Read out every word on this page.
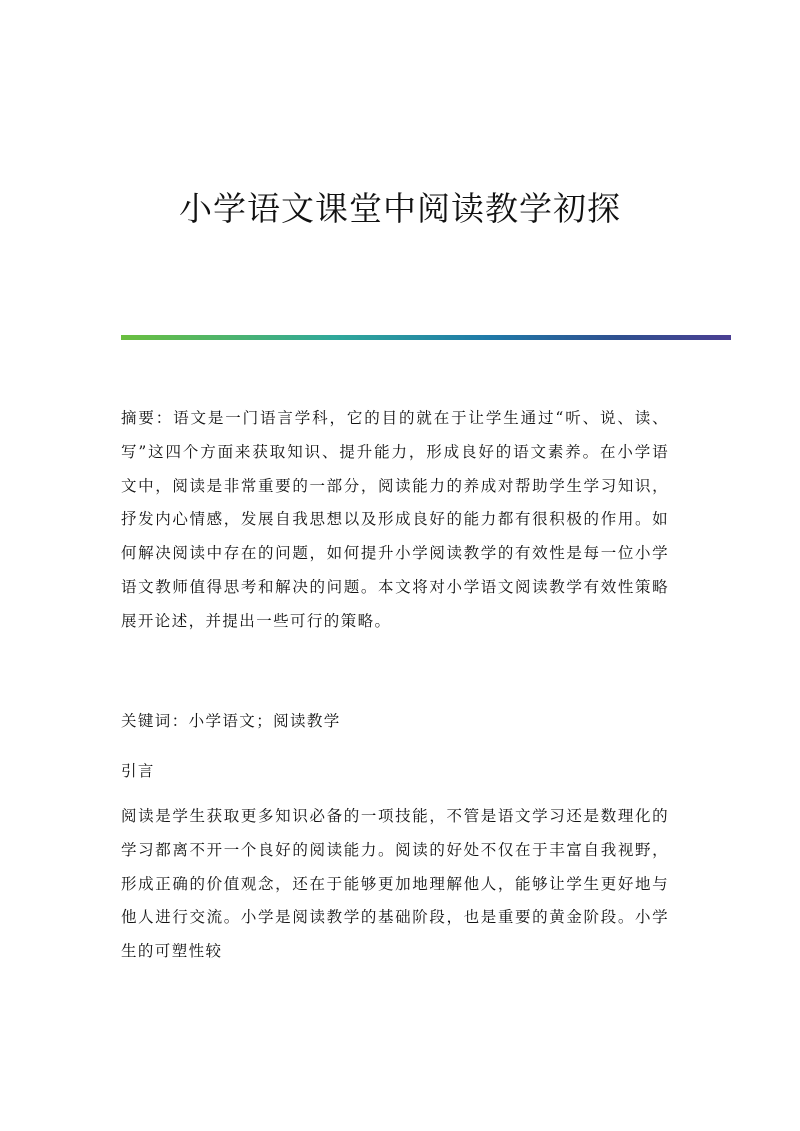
小学语文课堂中阅读教学初探

摘要：语文是一门语言学科，它的目的就在于让学生通过“听、说、读、写”这四个方面来获取知识、提升能力，形成良好的语文素养。在小学语文中，阅读是非常重要的一部分，阅读能力的养成对帮助学生学习知识，抒发内心情感，发展自我思想以及形成良好的能力都有很积极的作用。如何解决阅读中存在的问题，如何提升小学阅读教学的有效性是每一位小学语文教师值得思考和解决的问题。本文将对小学语文阅读教学有效性策略展开论述，并提出一些可行的策略。

关键词：小学语文；阅读教学

引言

阅读是学生获取更多知识必备的一项技能，不管是语文学习还是数理化的学习都离不开一个良好的阅读能力。阅读的好处不仅在于丰富自我视野，形成正确的价值观念，还在于能够更加地理解他人，能够让学生更好地与他人进行交流。小学是阅读教学的基础阶段，也是重要的黄金阶段。小学生的可塑性较
